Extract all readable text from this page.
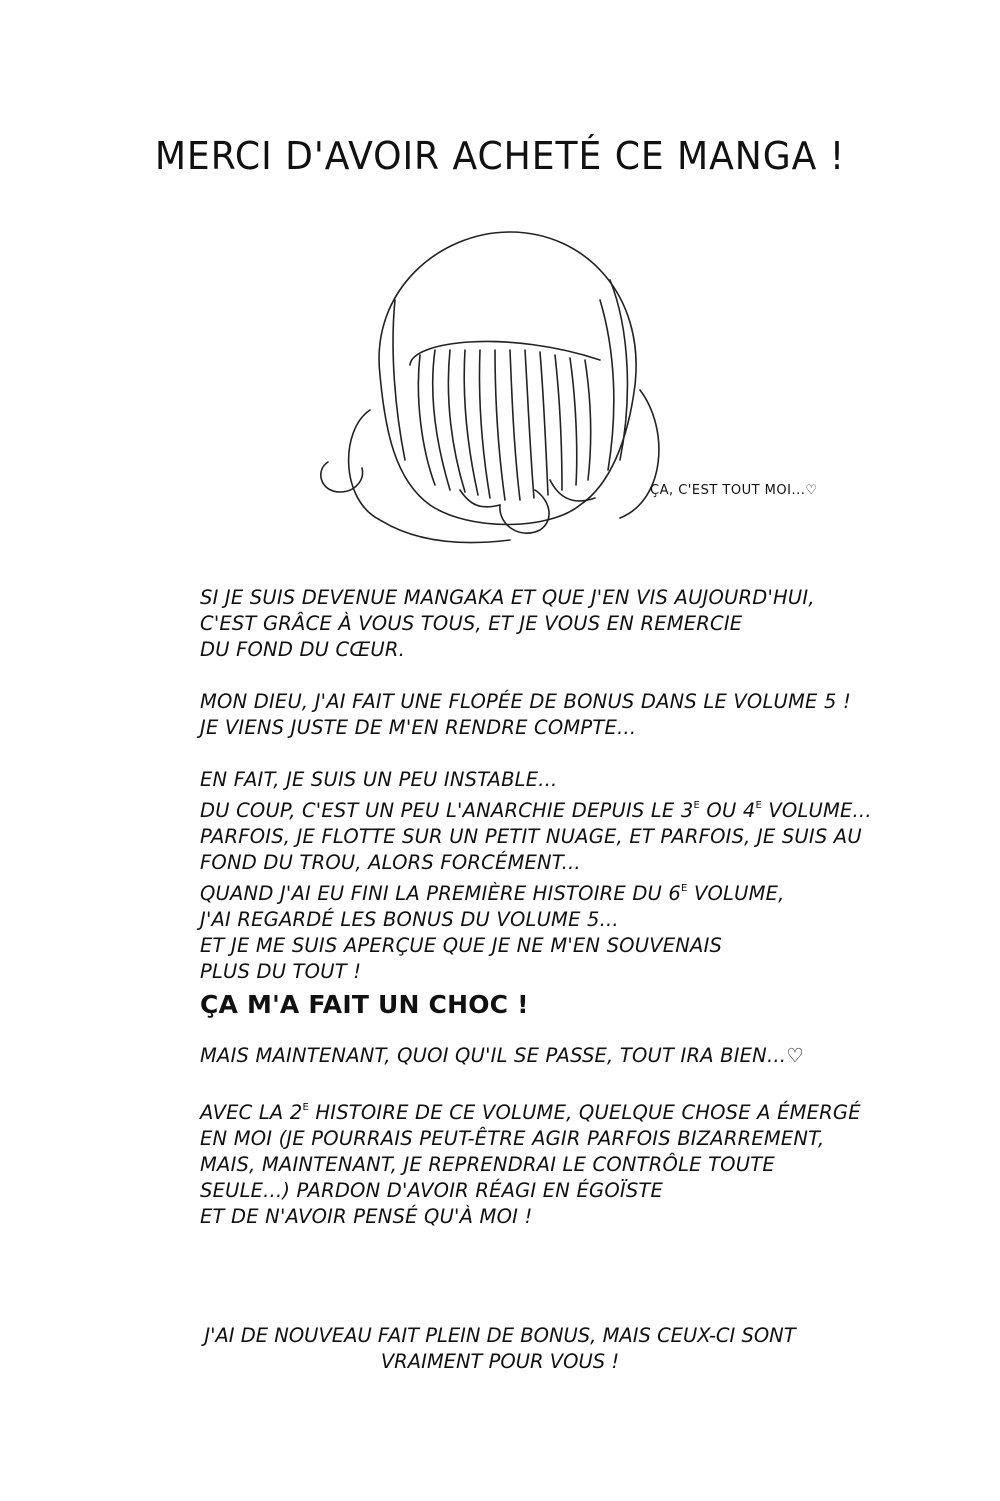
MERCI D'AVOIR ACHETÉ CE MANGA !
ÇA, C'EST TOUT MOI...♡
SI JE SUIS DEVENUE MANGAKA ET QUE J'EN VIS AUJOURD'HUI,
C'EST GRÂCE À VOUS TOUS, ET JE VOUS EN REMERCIE
DU FOND DU CŒUR.
MON DIEU, J'AI FAIT UNE FLOPÉE DE BONUS DANS LE VOLUME 5 !
JE VIENS JUSTE DE M'EN RENDRE COMPTE...
EN FAIT, JE SUIS UN PEU INSTABLE...
DU COUP, C'EST UN PEU L'ANARCHIE DEPUIS LE $3^E$ OU $4^E$ VOLUME...
PARFOIS, JE FLOTTE SUR UN PETIT NUAGE, ET PARFOIS, JE SUIS AU
FOND DU TROU, ALORS FORCÉMENT...
QUAND J'AI EU FINI LA PREMIÈRE HISTOIRE DU $6^E$ VOLUME,
J'AI REGARDÉ LES BONUS DU VOLUME 5...
ET JE ME SUIS APERÇUE QUE JE NE M'EN SOUVENAIS
PLUS DU TOUT !
ÇA M'A FAIT UN CHOC !
MAIS MAINTENANT, QUOI QU'IL SE PASSE, TOUT IRA BIEN...♡
AVEC LA $2^E$ HISTOIRE DE CE VOLUME, QUELQUE CHOSE A ÉMERGÉ
EN MOI (JE POURRAIS PEUT-ÊTRE AGIR PARFOIS BIZARREMENT,
MAIS, MAINTENANT, JE REPRENDRAI LE CONTRÔLE TOUTE
SEULE...) PARDON D'AVOIR RÉAGI EN ÉGOÏSTE
ET DE N'AVOIR PENSÉ QU'À MOI !
J'AI DE NOUVEAU FAIT PLEIN DE BONUS, MAIS CEUX-CI SONT
VRAIMENT POUR VOUS !
